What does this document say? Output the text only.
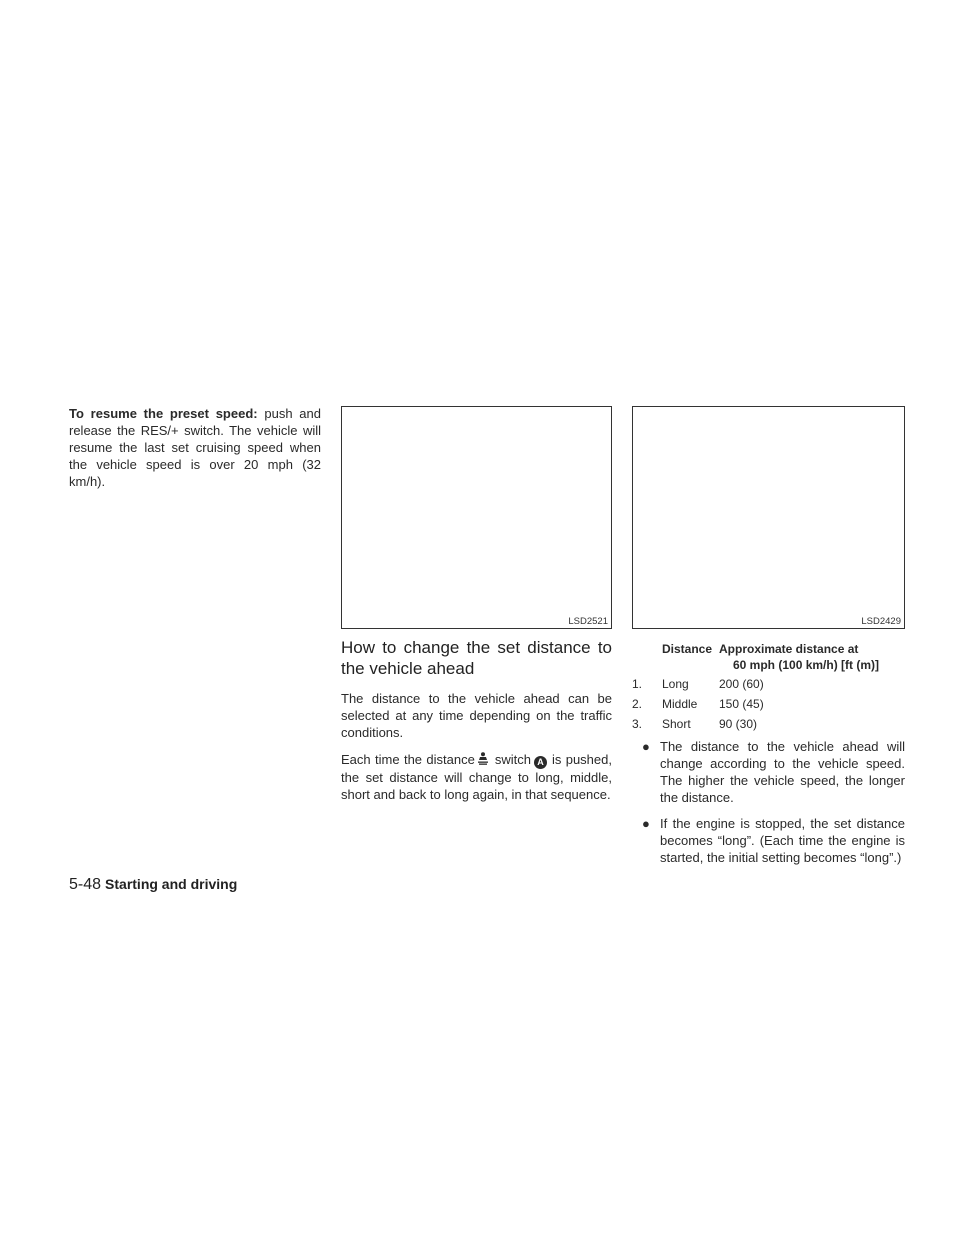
To resume the preset speed: push and release the RES/+ switch. The vehicle will resume the last set cruising speed when the vehicle speed is over 20 mph (32 km/h).
LSD2521	LSD2429
How to change the set distance to the vehicle ahead

The distance to the vehicle ahead can be selected at any time depending on the traffic conditions.

Each time the distance switch A is pushed, the set distance will change to long, middle, short and back to long again, in that sequence.

Distance Approximate distance at
60 mph (100 km/h) [ft (m)]
1. Long	200 (60)
2. Middle 150 (45)
3. Short 90 (30)
● The distance to the vehicle ahead will change according to the vehicle speed. The higher the vehicle speed, the longer the distance.
● If the engine is stopped, the set distance becomes “long”. (Each time the engine is started, the initial setting becomes “long”.)
5-48 Starting and driving
